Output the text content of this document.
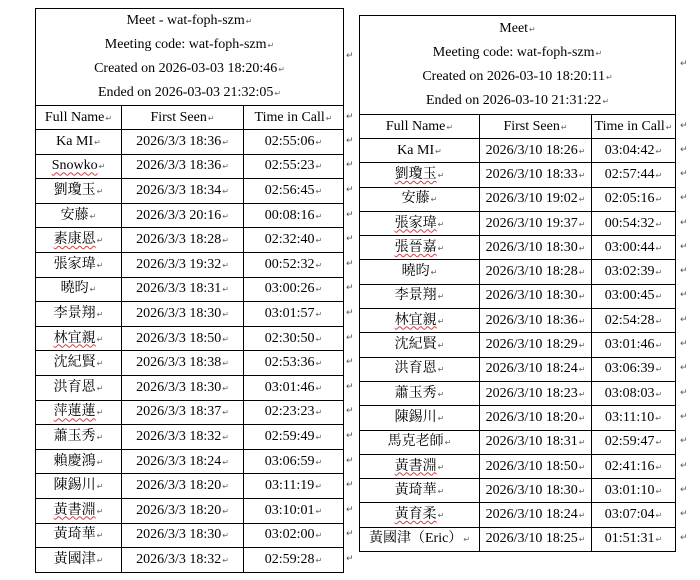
Meet - wat-foph-szm↵
Meeting code: wat-foph-szm↵
Created on 2026-03-03 18:20:46↵
Ended on 2026-03-03 21:32:05↵		

Full Name↵	First Seen↵	Time in Call↵
Ka MI↵	2026/3/3 18:36↵	02:55:06↵
Snowko↵	2026/3/3 18:36↵	02:55:23↵
劉瓊玉↵	2026/3/3 18:34↵	02:56:45↵
安藤↵	2026/3/3 20:16↵	00:08:16↵
素康恩↵	2026/3/3 18:28↵	02:32:40↵
張家瑋↵	2026/3/3 19:32↵	00:52:32↵
曉昀↵	2026/3/3 18:31↵	03:00:26↵
李景翔↵	2026/3/3 18:30↵	03:01:57↵
林宜親↵	2026/3/3 18:50↵	02:30:50↵
沈紀賢↵	2026/3/3 18:38↵	02:53:36↵
洪育恩↵	2026/3/3 18:30↵	03:01:46↵
萍蓮蓮↵	2026/3/3 18:37↵	02:23:23↵
蕭玉秀↵	2026/3/3 18:32↵	02:59:49↵
賴慶鴻↵	2026/3/3 18:24↵	03:06:59↵
陳錫川↵	2026/3/3 18:20↵	03:11:19↵
黃書淵↵	2026/3/3 18:20↵	03:10:01↵
黃琦華↵	2026/3/3 18:30↵	03:02:00↵
黃國津↵	2026/3/3 18:32↵	02:59:28↵
Meet↵
Meeting code: wat-foph-szm↵
Created on 2026-03-10 18:20:11↵
Ended on 2026-03-10 21:31:22↵		

Full Name↵	First Seen↵	Time in Call↵
Ka MI↵	2026/3/10 18:26↵	03:04:42↵
劉瓊玉↵	2026/3/10 18:33↵	02:57:44↵
安藤↵	2026/3/10 19:02↵	02:05:16↵
張家瑋↵	2026/3/10 19:37↵	00:54:32↵
張晉嘉↵	2026/3/10 18:30↵	03:00:44↵
曉昀↵	2026/3/10 18:28↵	03:02:39↵
李景翔↵	2026/3/10 18:30↵	03:00:45↵
林宜親↵	2026/3/10 18:36↵	02:54:28↵
沈紀賢↵	2026/3/10 18:29↵	03:01:46↵
洪育恩↵	2026/3/10 18:24↵	03:06:39↵
蕭玉秀↵	2026/3/10 18:23↵	03:08:03↵
陳錫川↵	2026/3/10 18:20↵	03:11:10↵
馬克老師↵	2026/3/10 18:31↵	02:59:47↵
黃書淵↵	2026/3/10 18:50↵	02:41:16↵
黃琦華↵	2026/3/10 18:30↵	03:01:10↵
黃育柔↵	2026/3/10 18:24↵	03:07:04↵
黃國津（Eric）↵	2026/3/10 18:25↵	01:51:31↵
↵
↵
↵
↵
↵
↵
↵
↵
↵
↵
↵
↵
↵
↵
↵
↵
↵
↵
↵
↵
↵
↵
↵
↵
↵
↵
↵
↵
↵
↵
↵
↵
↵
↵
↵
↵
↵
↵
↵
